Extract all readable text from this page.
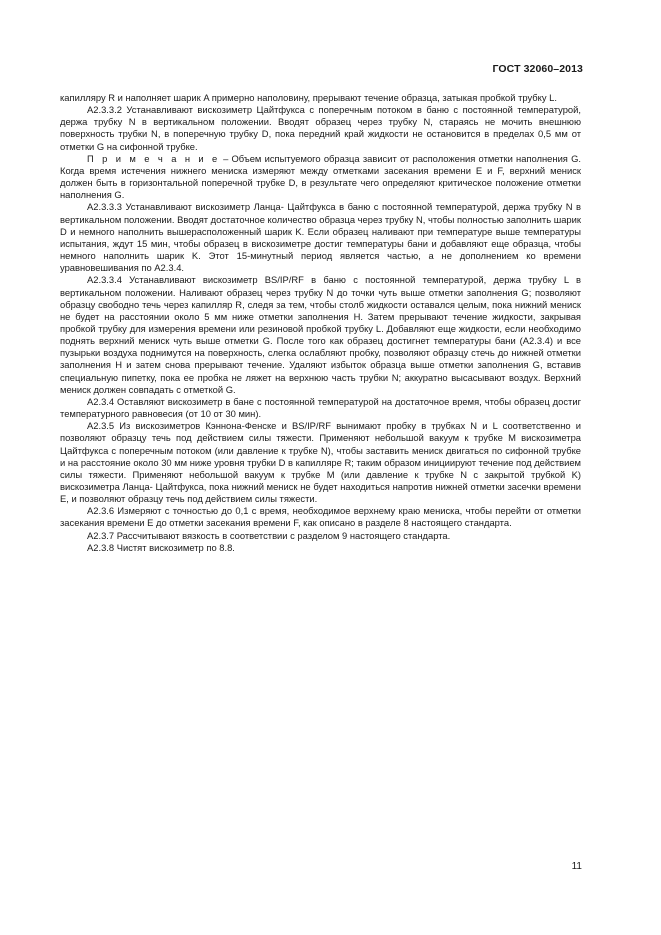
ГОСТ 32060–2013

капилляру R и наполняет шарик A примерно наполовину, прерывают течение образца, затыкая пробкой трубку L.

А2.3.3.2 Устанавливают вискозиметр Цайтфукса с поперечным потоком в баню с постоянной температурой, держа трубку N в вертикальном положении. Вводят образец через трубку N, стараясь не мочить внешнюю поверхность трубки N, в поперечную трубку D, пока передний край жидкости не остановится в пределах 0,5 мм от отметки G на сифонной трубке.

П р и м е ч а н и е – Объем испытуемого образца зависит от расположения отметки наполнения G. Когда время истечения нижнего мениска измеряют между отметками засекания времени E и F, верхний мениск должен быть в горизонтальной поперечной трубке D, в результате чего определяют критическое положение отметки наполнения G.

А2.3.3.3 Устанавливают вискозиметр Ланца- Цайтфукса в баню с постоянной температурой, держа трубку N в вертикальном положении. Вводят достаточное количество образца через трубку N, чтобы полностью заполнить шарик D и немного наполнить вышерасположенный шарик K. Если образец наливают при температуре выше температуры испытания, ждут 15 мин, чтобы образец в вискозиметре достиг температуры бани и добавляют еще образца, чтобы немного наполнить шарик K. Этот 15-минутный период является частью, а не дополнением ко времени уравновешивания по А2.3.4.

А2.3.3.4 Устанавливают вискозиметр BS/IP/RF в баню с постоянной температурой, держа трубку L в вертикальном положении. Наливают образец через трубку N до точки чуть выше отметки заполнения G; позволяют образцу свободно течь через капилляр R, следя за тем, чтобы столб жидкости оставался целым, пока нижний мениск не будет на расстоянии около 5 мм ниже отметки заполнения H. Затем прерывают течение жидкости, закрывая пробкой трубку для измерения времени или резиновой пробкой трубку L. Добавляют еще жидкости, если необходимо поднять верхний мениск чуть выше отметки G. После того как образец достигнет температуры бани (А2.3.4) и все пузырьки воздуха поднимутся на поверхность, слегка ослабляют пробку, позволяют образцу стечь до нижней отметки заполнения H и затем снова прерывают течение. Удаляют избыток образца выше отметки заполнения G, вставив специальную пипетку, пока ее пробка не ляжет на верхнюю часть трубки N; аккуратно высасывают воздух. Верхний мениск должен совпадать с отметкой G.

А2.3.4 Оставляют вискозиметр в бане с постоянной температурой на достаточное время, чтобы образец достиг температурного равновесия (от 10 от 30 мин).

А2.3.5 Из вискозиметров Кэннона-Фенске и BS/IP/RF вынимают пробку в трубках N и L соответственно и позволяют образцу течь под действием силы тяжести. Применяют небольшой вакуум к трубке M вискозиметра Цайтфукса с поперечным потоком (или давление к трубке N), чтобы заставить мениск двигаться по сифонной трубке и на расстояние около 30 мм ниже уровня трубки D в капилляре R; таким образом инициируют течение под действием силы тяжести. Применяют небольшой вакуум к трубке M (или давление к трубке N с закрытой трубкой K) вискозиметра Ланца- Цайтфукса, пока нижний мениск не будет находиться напротив нижней отметки засечки времени E, и позволяют образцу течь под действием силы тяжести.

А2.3.6 Измеряют с точностью до 0,1 с время, необходимое верхнему краю мениска, чтобы перейти от отметки засекания времени E до отметки засекания времени F, как описано в разделе 8 настоящего стандарта.

А2.3.7 Рассчитывают вязкость в соответствии с разделом 9 настоящего стандарта.

А2.3.8 Чистят вискозиметр по 8.8.

11
